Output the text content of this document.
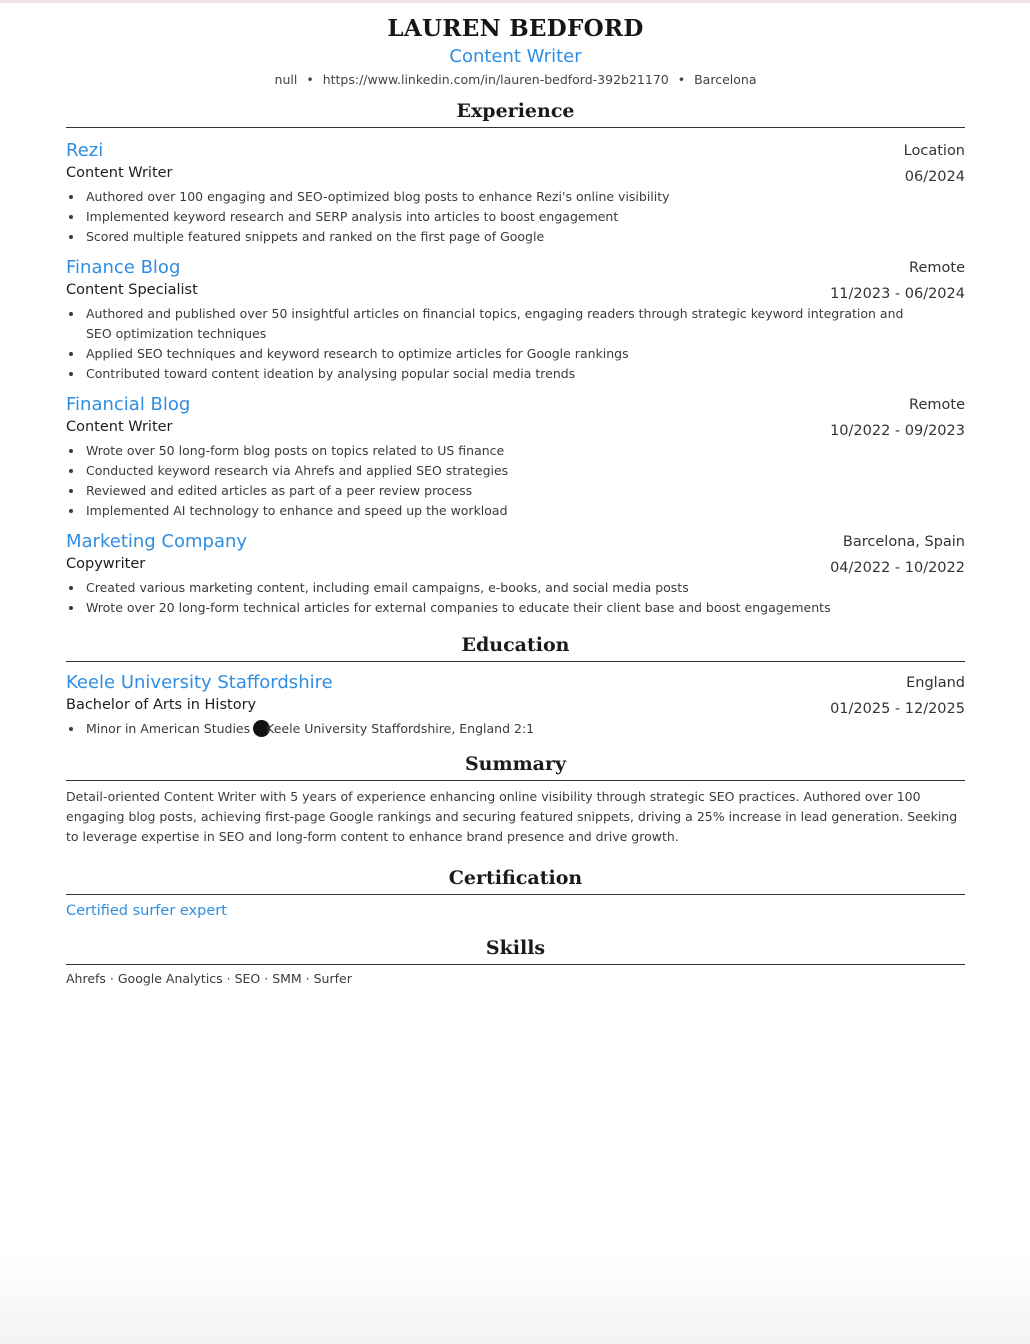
LAUREN BEDFORD
Content Writer
null • https://www.linkedin.com/in/lauren-bedford-392b21170 • Barcelona
Experience
Rezi
Content Writer
Location
06/2024
• Authored over 100 engaging and SEO-optimized blog posts to enhance Rezi's online visibility
• Implemented keyword research and SERP analysis into articles to boost engagement
• Scored multiple featured snippets and ranked on the first page of Google
Finance Blog
Content Specialist
Remote
11/2023 - 06/2024
• Authored and published over 50 insightful articles on financial topics, engaging readers through strategic keyword integration and SEO optimization techniques
• Applied SEO techniques and keyword research to optimize articles for Google rankings
• Contributed toward content ideation by analysing popular social media trends
Financial Blog
Content Writer
Remote
10/2022 - 09/2023
• Wrote over 50 long-form blog posts on topics related to US finance
• Conducted keyword research via Ahrefs and applied SEO strategies
• Reviewed and edited articles as part of a peer review process
• Implemented AI technology to enhance and speed up the workload
Marketing Company
Copywriter
Barcelona, Spain
04/2022 - 10/2022
• Created various marketing content, including email campaigns, e-books, and social media posts
• Wrote over 20 long-form technical articles for external companies to educate their client base and boost engagements
Education
Keele University Staffordshire
Bachelor of Arts in History
England
01/2025 - 12/2025
• Minor in American Studies Keele University Staffordshire, England 2:1
Summary
Detail-oriented Content Writer with 5 years of experience enhancing online visibility through strategic SEO practices. Authored over 100 engaging blog posts, achieving first-page Google rankings and securing featured snippets, driving a 25% increase in lead generation. Seeking to leverage expertise in SEO and long-form content to enhance brand presence and drive growth.
Certification
Certified surfer expert
Skills
Ahrefs · Google Analytics · SEO · SMM · Surfer
